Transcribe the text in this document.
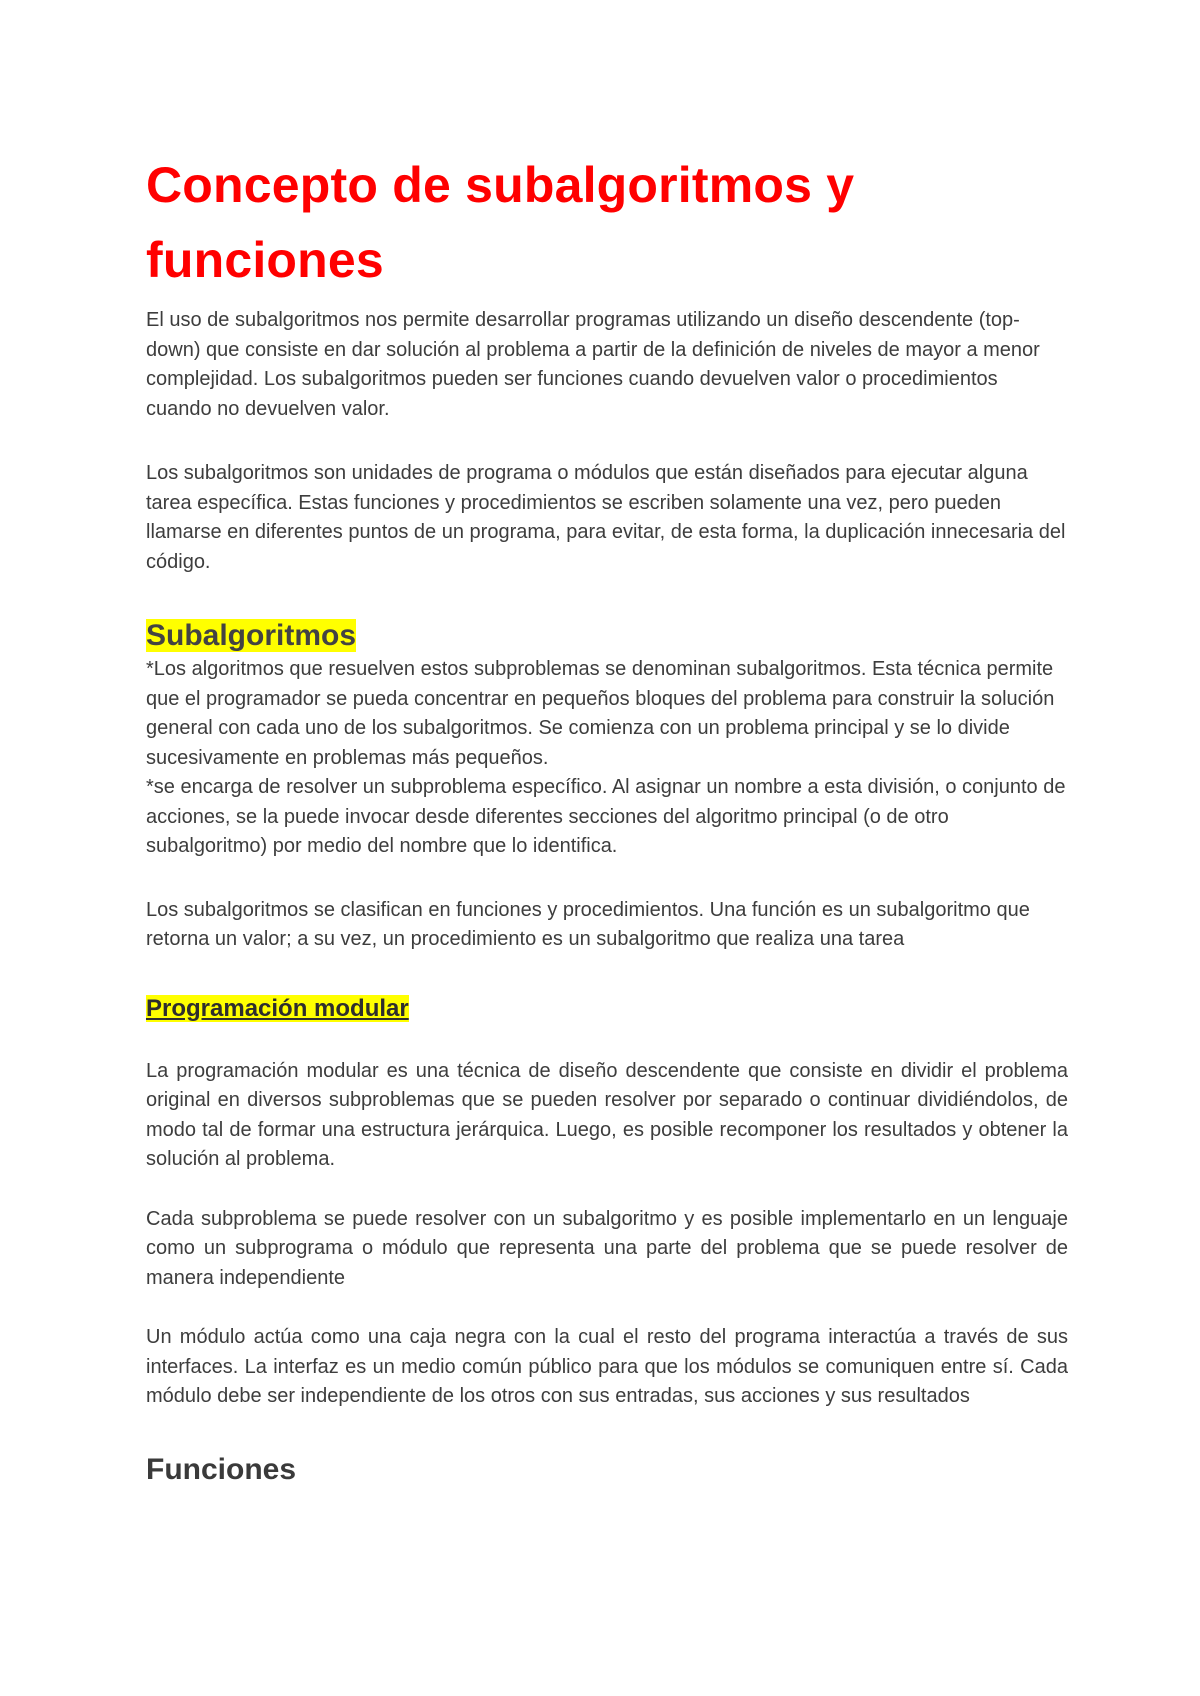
Concepto de subalgoritmos y funciones

El uso de subalgoritmos nos permite desarrollar programas utilizando un diseño descendente (top-down) que consiste en dar solución al problema a partir de la definición de niveles de mayor a menor complejidad. Los subalgoritmos pueden ser funciones cuando devuelven valor o procedimientos cuando no devuelven valor.

Los subalgoritmos son unidades de programa o módulos que están diseñados para ejecutar alguna tarea específica. Estas funciones y procedimientos se escriben solamente una vez, pero pueden llamarse en diferentes puntos de un programa, para evitar, de esta forma, la duplicación innecesaria del código.

Subalgoritmos

*Los algoritmos que resuelven estos subproblemas se denominan subalgoritmos. Esta técnica permite que el programador se pueda concentrar en pequeños bloques del problema para construir la solución general con cada uno de los subalgoritmos. Se comienza con un problema principal y se lo divide sucesivamente en problemas más pequeños.

*se encarga de resolver un subproblema específico. Al asignar un nombre a esta división, o conjunto de acciones, se la puede invocar desde diferentes secciones del algoritmo principal (o de otro subalgoritmo) por medio del nombre que lo identifica.

Los subalgoritmos se clasifican en funciones y procedimientos. Una función es un subalgoritmo que retorna un valor; a su vez, un procedimiento es un subalgoritmo que realiza una tarea

Programación modular

La programación modular es una técnica de diseño descendente que consiste en dividir el problema original en diversos subproblemas que se pueden resolver por separado o continuar dividiéndolos, de modo tal de formar una estructura jerárquica. Luego, es posible recomponer los resultados y obtener la solución al problema.

Cada subproblema se puede resolver con un subalgoritmo y es posible implementarlo en un lenguaje como un subprograma o módulo que representa una parte del problema que se puede resolver de manera independiente

Un módulo actúa como una caja negra con la cual el resto del programa interactúa a través de sus interfaces. La interfaz es un medio común público para que los módulos se comuniquen entre sí. Cada módulo debe ser independiente de los otros con sus entradas, sus acciones y sus resultados

Funciones
